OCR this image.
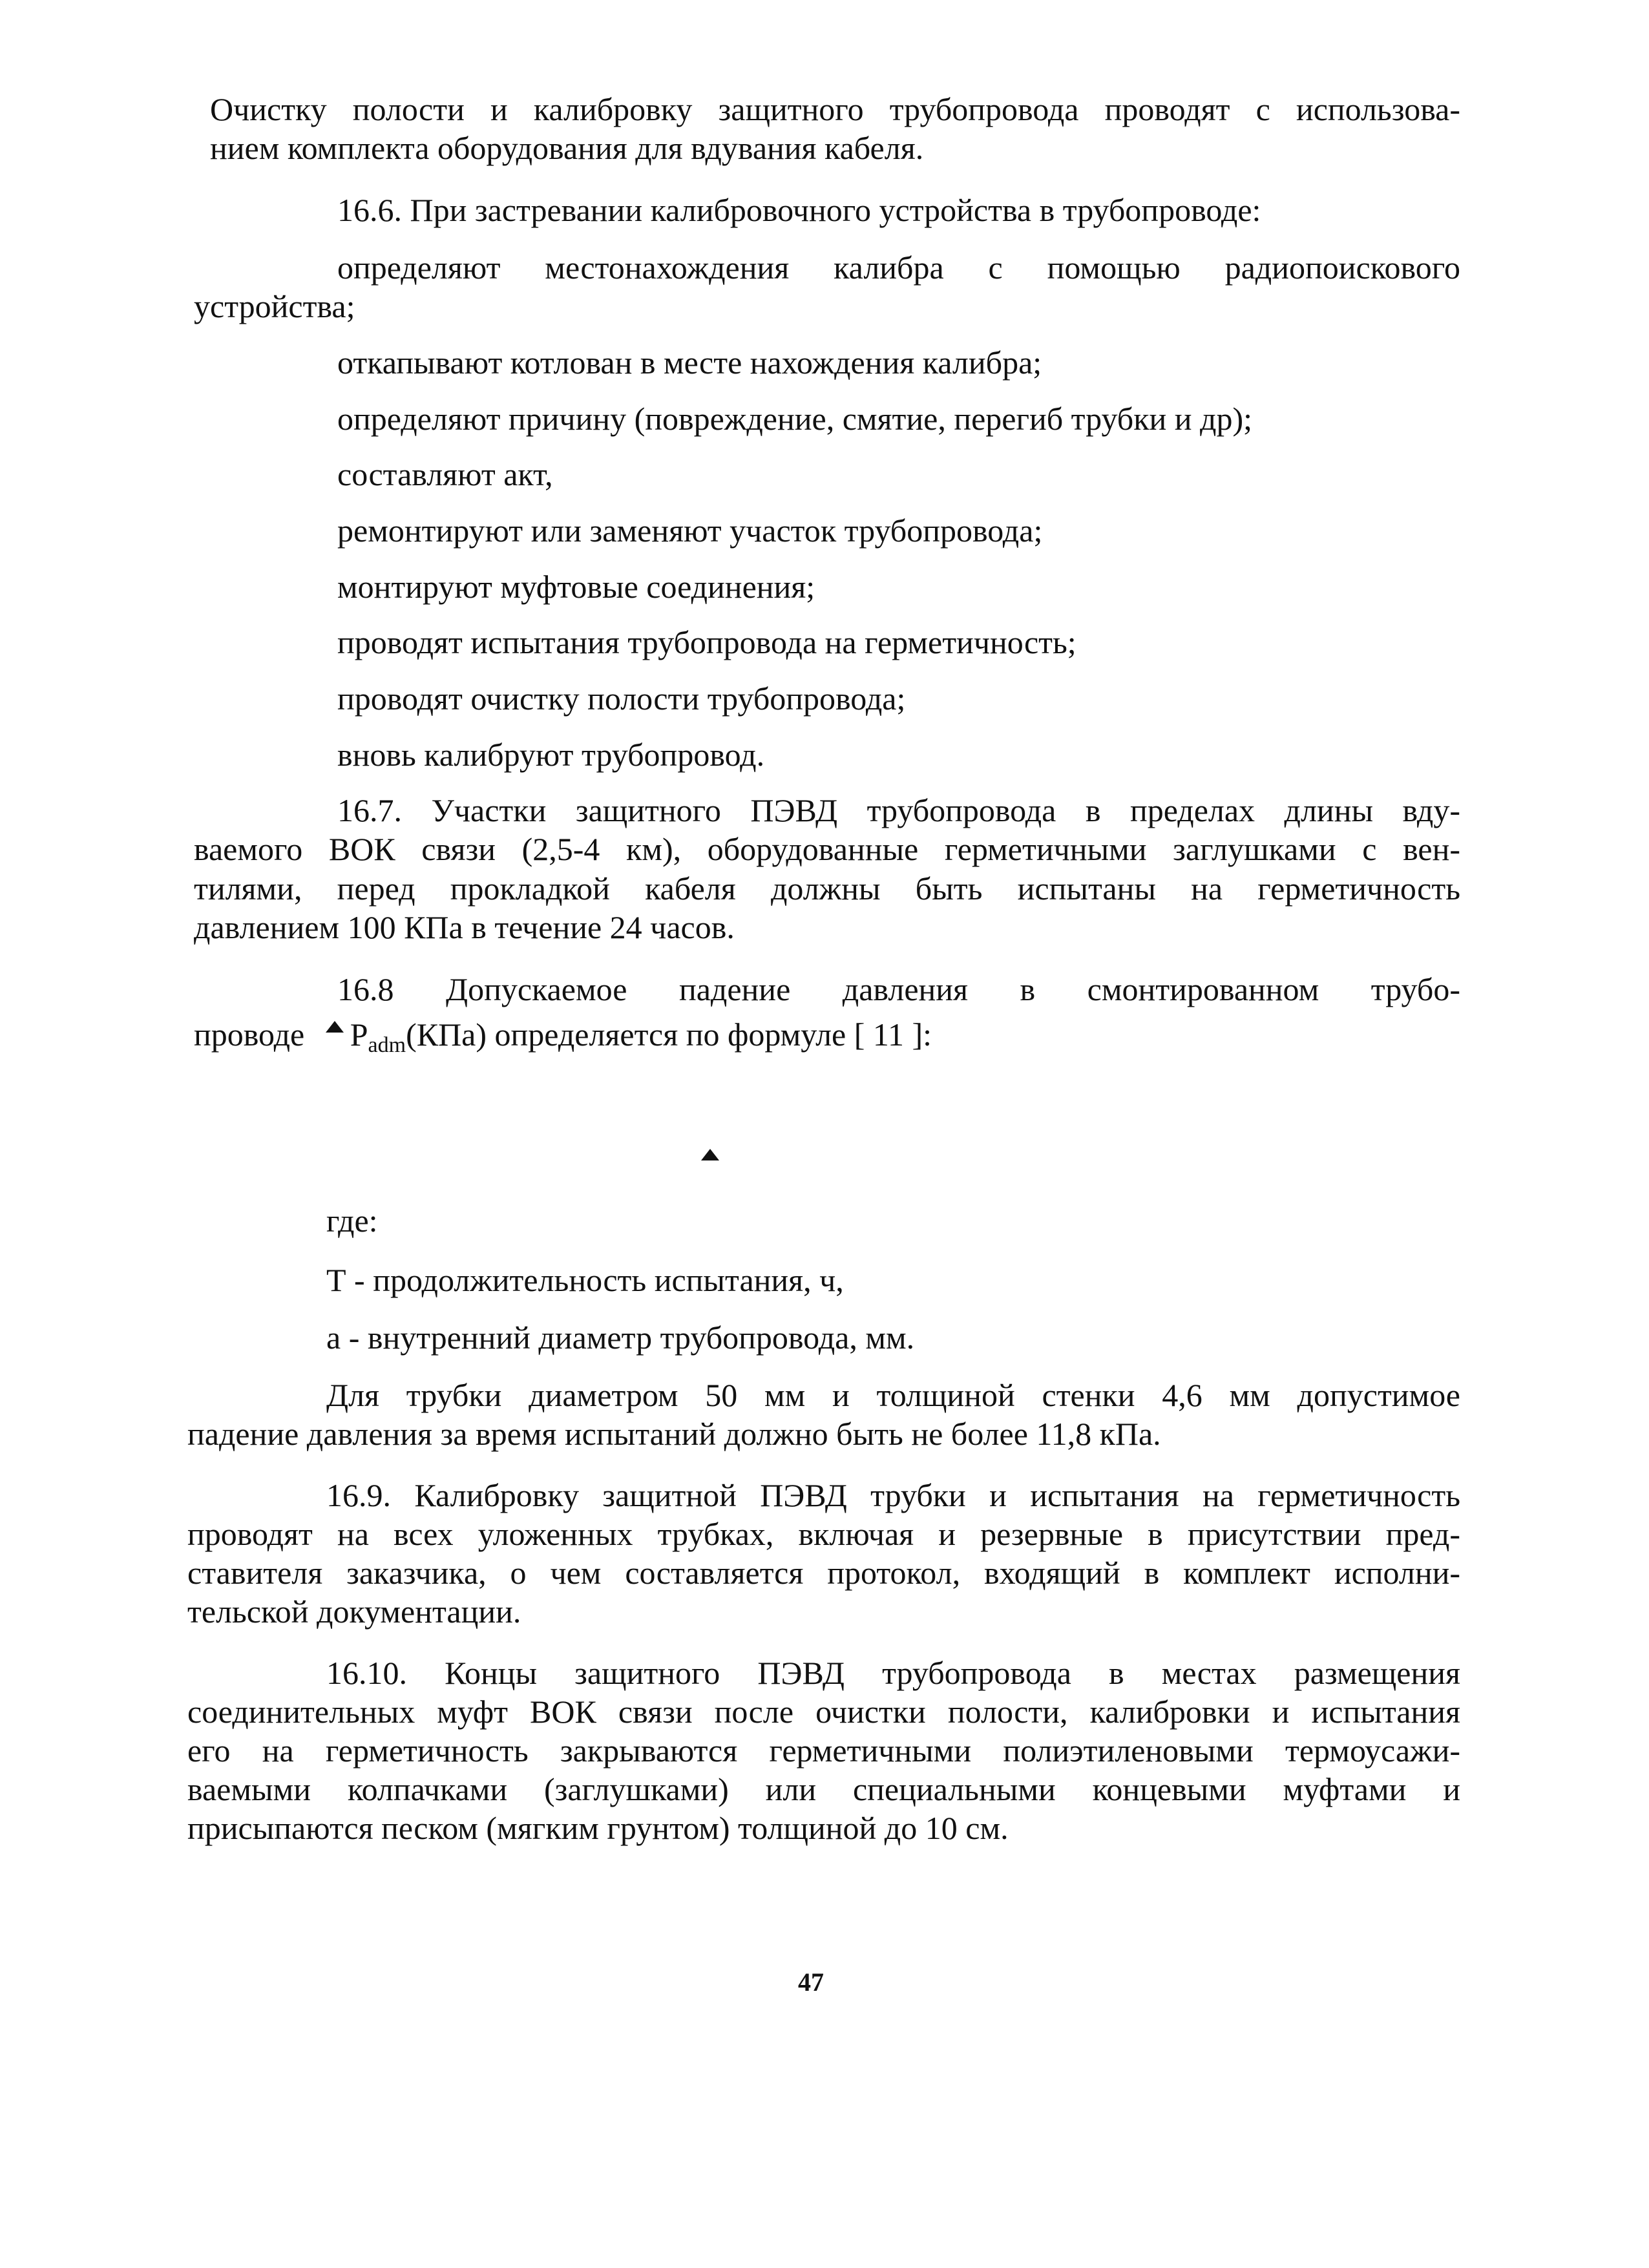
Очистку полости и калибровку защитного трубопровода проводят с использова-
нием комплекта оборудования для вдувания кабеля.
16.6. При застревании калибровочного устройства в трубопроводе:
определяют местонахождения калибра с помощью радиопоискового
устройства;
откапывают котлован в месте нахождения калибра;
определяют причину (повреждение, смятие, перегиб трубки и др);
составляют акт,
ремонтируют или заменяют участок трубопровода;
монтируют муфтовые соединения;
проводят испытания трубопровода на герметичность;
проводят очистку полости трубопровода;
вновь калибруют трубопровод.
16.7. Участки защитного ПЭВД трубопровода в пределах длины вду-
ваемого ВОК связи (2,5-4 км), оборудованные герметичными заглушками с вен-
тилями, перед прокладкой кабеля должны быть испытаны на герметичность
давлением 100 КПа в течение 24 часов.
16.8 Допускаемое падение давления в смонтированном трубо-
проводе $P_{adm}(КПа)$ определяется по формуле [ 11 ]:
где:
Т - продолжительность испытания, ч,
а - внутренний диаметр трубопровода, мм.
Для трубки диаметром 50 мм и толщиной стенки 4,6 мм допустимое
падение давления за время испытаний должно быть не более 11,8 кПа.
16.9. Калибровку защитной ПЭВД трубки и испытания на герметичность
проводят на всех уложенных трубках, включая и резервные в присутствии пред-
ставителя заказчика, о чем составляется протокол, входящий в комплект исполни-
тельской документации.
16.10. Концы защитного ПЭВД трубопровода в местах размещения
соединительных муфт ВОК связи после очистки полости, калибровки и испытания
его на герметичность закрываются герметичными полиэтиленовыми термоусажи-
ваемыми колпачками (заглушками) или специальными концевыми муфтами и
присыпаются песком (мягким грунтом) толщиной до 10 см.
47
